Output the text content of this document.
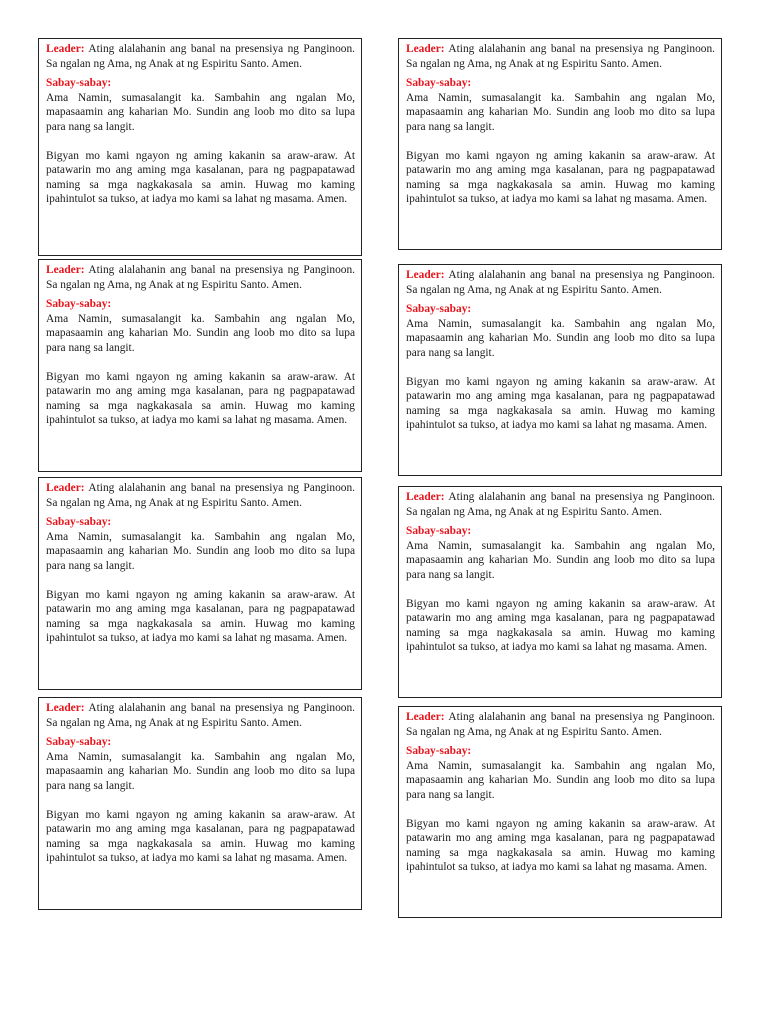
Leader: Ating alalahanin ang banal na presensiya ng Panginoon. Sa ngalan ng Ama, ng Anak at ng Espiritu Santo. Amen.

Sabay-sabay:

Ama Namin, sumasalangit ka. Sambahin ang ngalan Mo, mapasaamin ang kaharian Mo. Sundin ang loob mo dito sa lupa para nang sa langit.

Bigyan mo kami ngayon ng aming kakanin sa araw-araw. At patawarin mo ang aming mga kasalanan, para ng pagpapatawad naming sa mga nagkakasala sa amin. Huwag mo kaming ipahintulot sa tukso, at iadya mo kami sa lahat ng masama. Amen.

Leader: Ating alalahanin ang banal na presensiya ng Panginoon. Sa ngalan ng Ama, ng Anak at ng Espiritu Santo. Amen.

Sabay-sabay:

Ama Namin, sumasalangit ka. Sambahin ang ngalan Mo, mapasaamin ang kaharian Mo. Sundin ang loob mo dito sa lupa para nang sa langit.

Bigyan mo kami ngayon ng aming kakanin sa araw-araw. At patawarin mo ang aming mga kasalanan, para ng pagpapatawad naming sa mga nagkakasala sa amin. Huwag mo kaming ipahintulot sa tukso, at iadya mo kami sa lahat ng masama. Amen.

Leader: Ating alalahanin ang banal na presensiya ng Panginoon. Sa ngalan ng Ama, ng Anak at ng Espiritu Santo. Amen.

Sabay-sabay:

Ama Namin, sumasalangit ka. Sambahin ang ngalan Mo, mapasaamin ang kaharian Mo. Sundin ang loob mo dito sa lupa para nang sa langit.

Bigyan mo kami ngayon ng aming kakanin sa araw-araw. At patawarin mo ang aming mga kasalanan, para ng pagpapatawad naming sa mga nagkakasala sa amin. Huwag mo kaming ipahintulot sa tukso, at iadya mo kami sa lahat ng masama. Amen.

Leader: Ating alalahanin ang banal na presensiya ng Panginoon. Sa ngalan ng Ama, ng Anak at ng Espiritu Santo. Amen.

Sabay-sabay:

Ama Namin, sumasalangit ka. Sambahin ang ngalan Mo, mapasaamin ang kaharian Mo. Sundin ang loob mo dito sa lupa para nang sa langit.

Bigyan mo kami ngayon ng aming kakanin sa araw-araw. At patawarin mo ang aming mga kasalanan, para ng pagpapatawad naming sa mga nagkakasala sa amin. Huwag mo kaming ipahintulot sa tukso, at iadya mo kami sa lahat ng masama. Amen.

Leader: Ating alalahanin ang banal na presensiya ng Panginoon. Sa ngalan ng Ama, ng Anak at ng Espiritu Santo. Amen.

Sabay-sabay:

Ama Namin, sumasalangit ka. Sambahin ang ngalan Mo, mapasaamin ang kaharian Mo. Sundin ang loob mo dito sa lupa para nang sa langit.

Bigyan mo kami ngayon ng aming kakanin sa araw-araw. At patawarin mo ang aming mga kasalanan, para ng pagpapatawad naming sa mga nagkakasala sa amin. Huwag mo kaming ipahintulot sa tukso, at iadya mo kami sa lahat ng masama. Amen.

Leader: Ating alalahanin ang banal na presensiya ng Panginoon. Sa ngalan ng Ama, ng Anak at ng Espiritu Santo. Amen.

Sabay-sabay:

Ama Namin, sumasalangit ka. Sambahin ang ngalan Mo, mapasaamin ang kaharian Mo. Sundin ang loob mo dito sa lupa para nang sa langit.

Bigyan mo kami ngayon ng aming kakanin sa araw-araw. At patawarin mo ang aming mga kasalanan, para ng pagpapatawad naming sa mga nagkakasala sa amin. Huwag mo kaming ipahintulot sa tukso, at iadya mo kami sa lahat ng masama. Amen.

Leader: Ating alalahanin ang banal na presensiya ng Panginoon. Sa ngalan ng Ama, ng Anak at ng Espiritu Santo. Amen.

Sabay-sabay:

Ama Namin, sumasalangit ka. Sambahin ang ngalan Mo, mapasaamin ang kaharian Mo. Sundin ang loob mo dito sa lupa para nang sa langit.

Bigyan mo kami ngayon ng aming kakanin sa araw-araw. At patawarin mo ang aming mga kasalanan, para ng pagpapatawad naming sa mga nagkakasala sa amin. Huwag mo kaming ipahintulot sa tukso, at iadya mo kami sa lahat ng masama. Amen.

Leader: Ating alalahanin ang banal na presensiya ng Panginoon. Sa ngalan ng Ama, ng Anak at ng Espiritu Santo. Amen.

Sabay-sabay:

Ama Namin, sumasalangit ka. Sambahin ang ngalan Mo, mapasaamin ang kaharian Mo. Sundin ang loob mo dito sa lupa para nang sa langit.

Bigyan mo kami ngayon ng aming kakanin sa araw-araw. At patawarin mo ang aming mga kasalanan, para ng pagpapatawad naming sa mga nagkakasala sa amin. Huwag mo kaming ipahintulot sa tukso, at iadya mo kami sa lahat ng masama. Amen.
